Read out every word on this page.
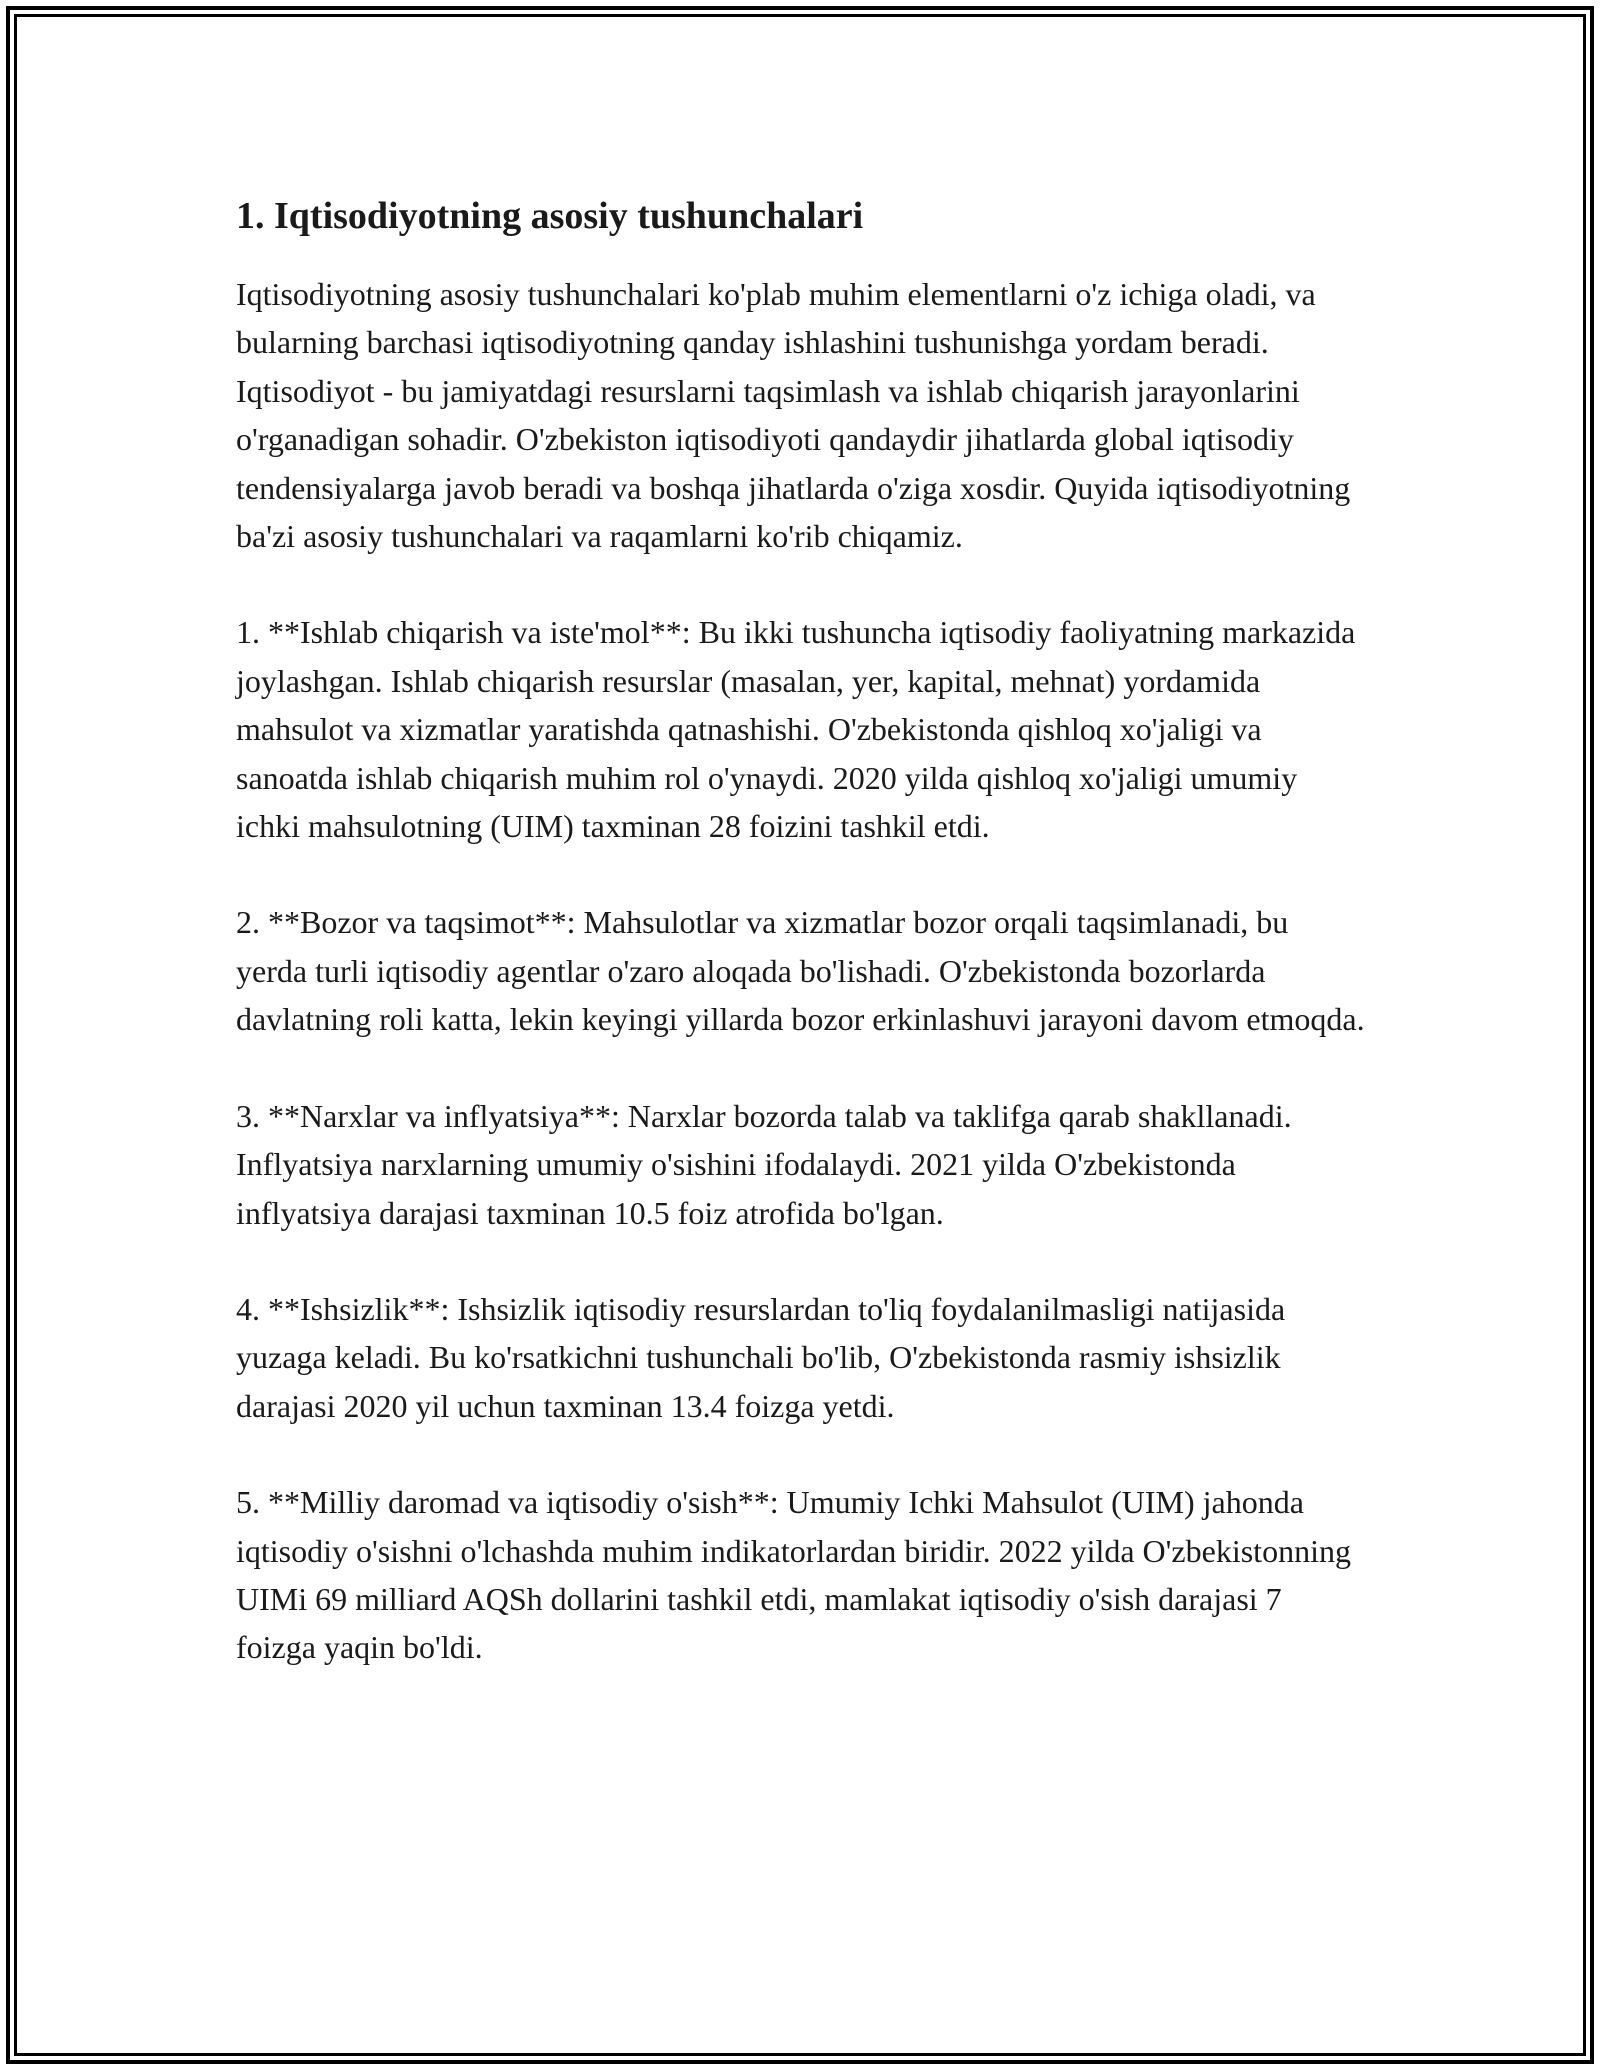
1. Iqtisodiyotning asosiy tushunchalari

Iqtisodiyotning asosiy tushunchalari ko'plab muhim elementlarni o'z ichiga oladi, va bularning barchasi iqtisodiyotning qanday ishlashini tushunishga yordam beradi. Iqtisodiyot - bu jamiyatdagi resurslarni taqsimlash va ishlab chiqarish jarayonlarini o'rganadigan sohadir. O'zbekiston iqtisodiyoti qandaydir jihatlarda global iqtisodiy tendensiyalarga javob beradi va boshqa jihatlarda o'ziga xosdir. Quyida iqtisodiyotning ba'zi asosiy tushunchalari va raqamlarni ko'rib chiqamiz.

1. **Ishlab chiqarish va iste'mol**: Bu ikki tushuncha iqtisodiy faoliyatning markazida joylashgan. Ishlab chiqarish resurslar (masalan, yer, kapital, mehnat) yordamida mahsulot va xizmatlar yaratishda qatnashishi. O'zbekistonda qishloq xo'jaligi va sanoatda ishlab chiqarish muhim rol o'ynaydi. 2020 yilda qishloq xo'jaligi umumiy ichki mahsulotning (UIM) taxminan 28 foizini tashkil etdi.

2. **Bozor va taqsimot**: Mahsulotlar va xizmatlar bozor orqali taqsimlanadi, bu yerda turli iqtisodiy agentlar o'zaro aloqada bo'lishadi. O'zbekistonda bozorlarda davlatning roli katta, lekin keyingi yillarda bozor erkinlashuvi jarayoni davom etmoqda.

3. **Narxlar va inflyatsiya**: Narxlar bozorda talab va taklifga qarab shakllanadi. Inflyatsiya narxlarning umumiy o'sishini ifodalaydi. 2021 yilda O'zbekistonda inflyatsiya darajasi taxminan 10.5 foiz atrofida bo'lgan.

4. **Ishsizlik**: Ishsizlik iqtisodiy resurslardan to'liq foydalanilmasligi natijasida yuzaga keladi. Bu ko'rsatkichni tushunchali bo'lib, O'zbekistonda rasmiy ishsizlik darajasi 2020 yil uchun taxminan 13.4 foizga yetdi.

5. **Milliy daromad va iqtisodiy o'sish**: Umumiy Ichki Mahsulot (UIM) jahonda iqtisodiy o'sishni o'lchashda muhim indikatorlardan biridir. 2022 yilda O'zbekistonning UIMi 69 milliard AQSh dollarini tashkil etdi, mamlakat iqtisodiy o'sish darajasi 7 foizga yaqin bo'ldi.
